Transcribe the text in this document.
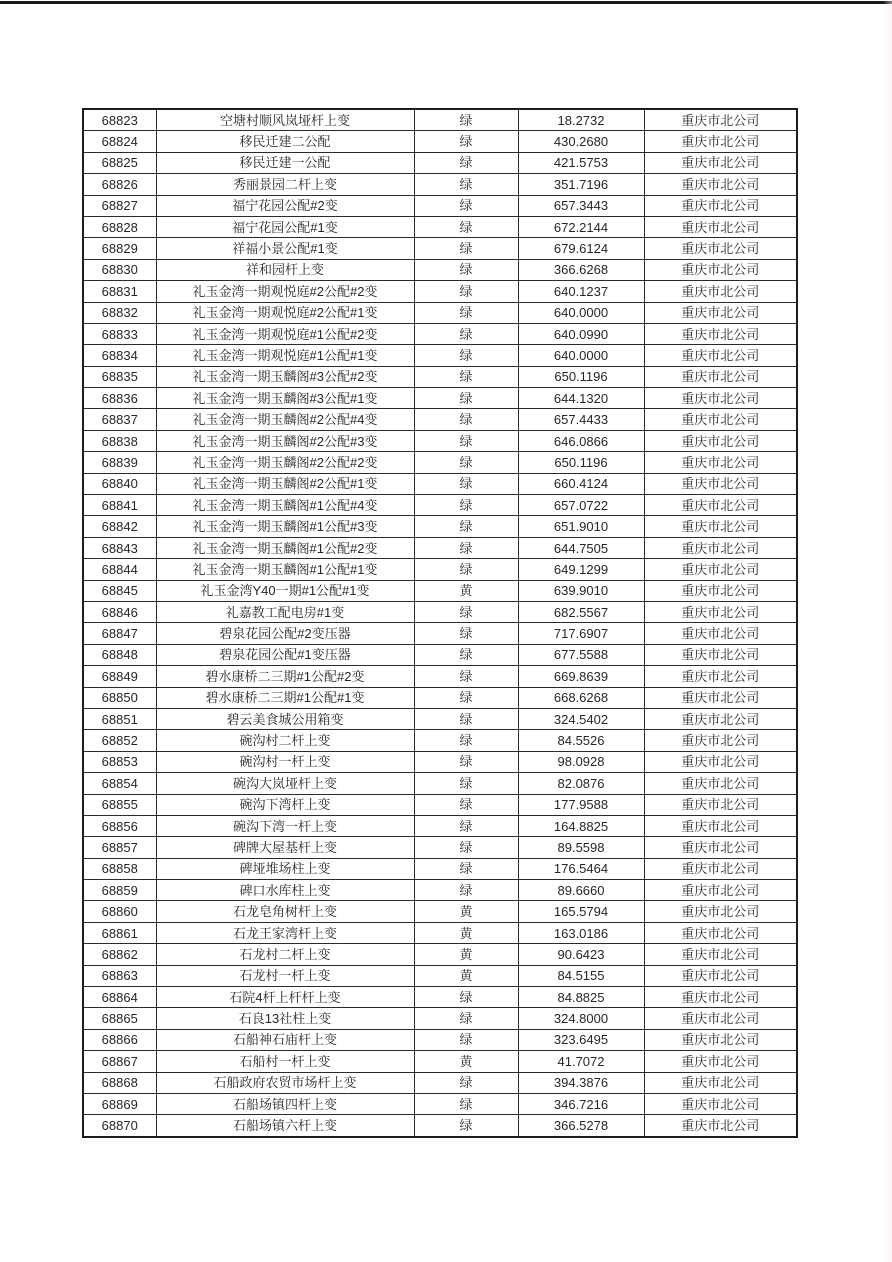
68823	空塘村顺风岚垭杆上变	绿	18.2732	重庆市北公司
68824	移民迁建二公配	绿	430.2680	重庆市北公司
68825	移民迁建一公配	绿	421.5753	重庆市北公司
68826	秀丽景园二杆上变	绿	351.7196	重庆市北公司
68827	福宁花园公配#2变	绿	657.3443	重庆市北公司
68828	福宁花园公配#1变	绿	672.2144	重庆市北公司
68829	祥福小景公配#1变	绿	679.6124	重庆市北公司
68830	祥和园杆上变	绿	366.6268	重庆市北公司
68831	礼玉金湾一期观悦庭#2公配#2变	绿	640.1237	重庆市北公司
68832	礼玉金湾一期观悦庭#2公配#1变	绿	640.0000	重庆市北公司
68833	礼玉金湾一期观悦庭#1公配#2变	绿	640.0990	重庆市北公司
68834	礼玉金湾一期观悦庭#1公配#1变	绿	640.0000	重庆市北公司
68835	礼玉金湾一期玉麟阁#3公配#2变	绿	650.1196	重庆市北公司
68836	礼玉金湾一期玉麟阁#3公配#1变	绿	644.1320	重庆市北公司
68837	礼玉金湾一期玉麟阁#2公配#4变	绿	657.4433	重庆市北公司
68838	礼玉金湾一期玉麟阁#2公配#3变	绿	646.0866	重庆市北公司
68839	礼玉金湾一期玉麟阁#2公配#2变	绿	650.1196	重庆市北公司
68840	礼玉金湾一期玉麟阁#2公配#1变	绿	660.4124	重庆市北公司
68841	礼玉金湾一期玉麟阁#1公配#4变	绿	657.0722	重庆市北公司
68842	礼玉金湾一期玉麟阁#1公配#3变	绿	651.9010	重庆市北公司
68843	礼玉金湾一期玉麟阁#1公配#2变	绿	644.7505	重庆市北公司
68844	礼玉金湾一期玉麟阁#1公配#1变	绿	649.1299	重庆市北公司
68845	礼玉金湾Y40一期#1公配#1变	黄	639.9010	重庆市北公司
68846	礼嘉教工配电房#1变	绿	682.5567	重庆市北公司
68847	碧泉花园公配#2变压器	绿	717.6907	重庆市北公司
68848	碧泉花园公配#1变压器	绿	677.5588	重庆市北公司
68849	碧水康桥二三期#1公配#2变	绿	669.8639	重庆市北公司
68850	碧水康桥二三期#1公配#1变	绿	668.6268	重庆市北公司
68851	碧云美食城公用箱变	绿	324.5402	重庆市北公司
68852	碗沟村二杆上变	绿	84.5526	重庆市北公司
68853	碗沟村一杆上变	绿	98.0928	重庆市北公司
68854	碗沟大岚垭杆上变	绿	82.0876	重庆市北公司
68855	碗沟下湾杆上变	绿	177.9588	重庆市北公司
68856	碗沟下湾一杆上变	绿	164.8825	重庆市北公司
68857	碑牌大屋基杆上变	绿	89.5598	重庆市北公司
68858	碑垭堆场柱上变	绿	176.5464	重庆市北公司
68859	碑口水库柱上变	绿	89.6660	重庆市北公司
68860	石龙皂角树杆上变	黄	165.5794	重庆市北公司
68861	石龙王家湾杆上变	黄	163.0186	重庆市北公司
68862	石龙村二杆上变	黄	90.6423	重庆市北公司
68863	石龙村一杆上变	黄	84.5155	重庆市北公司
68864	石院4杆上杆杆上变	绿	84.8825	重庆市北公司
68865	石良13社柱上变	绿	324.8000	重庆市北公司
68866	石船神石庙杆上变	绿	323.6495	重庆市北公司
68867	石船村一杆上变	黄	41.7072	重庆市北公司
68868	石船政府农贸市场杆上变	绿	394.3876	重庆市北公司
68869	石船场镇四杆上变	绿	346.7216	重庆市北公司
68870	石船场镇六杆上变	绿	366.5278	重庆市北公司
